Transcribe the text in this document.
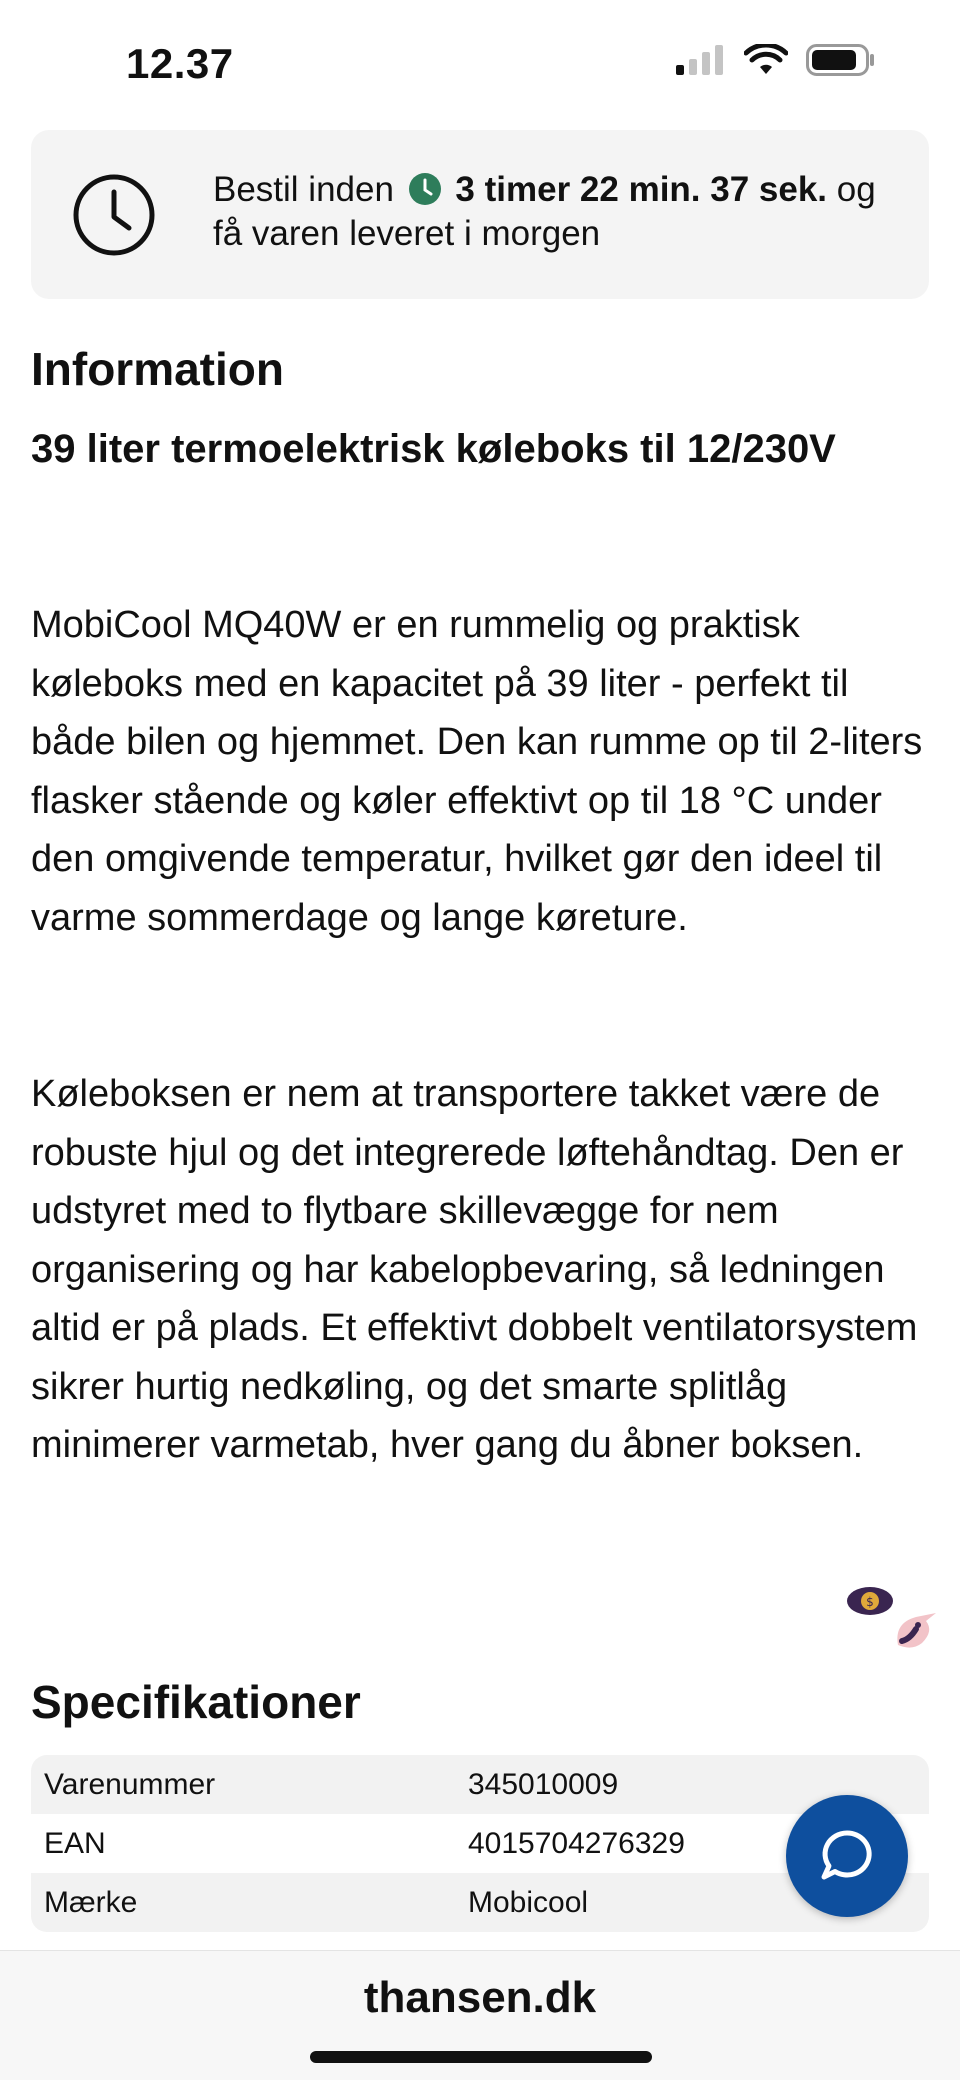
12.37
Bestil inden 3 timer 22 min. 37 sek. og få varen leveret i morgen
Information
39 liter termoelektrisk køleboks til 12/230V

MobiCool MQ40W er en rummelig og praktisk køleboks med en kapacitet på 39 liter - perfekt til både bilen og hjemmet. Den kan rumme op til 2-liters flasker stående og køler effektivt op til 18 °C under den omgivende temperatur, hvilket gør den ideel til varme sommerdage og lange køreture.

Køleboksen er nem at transportere takket være de robuste hjul og det integrerede løftehåndtag. Den er udstyret med to flytbare skillevægge for nem organisering og har kabelopbevaring, så ledningen altid er på plads. Et effektivt dobbelt ventilatorsystem sikrer hurtig nedkøling, og det smarte splitlåg minimerer varmetab, hver gang du åbner boksen.

$
Specifikationer
Varenummer	345010009
EAN	4015704276329
Mærke	Mobicool
thansen.dk
